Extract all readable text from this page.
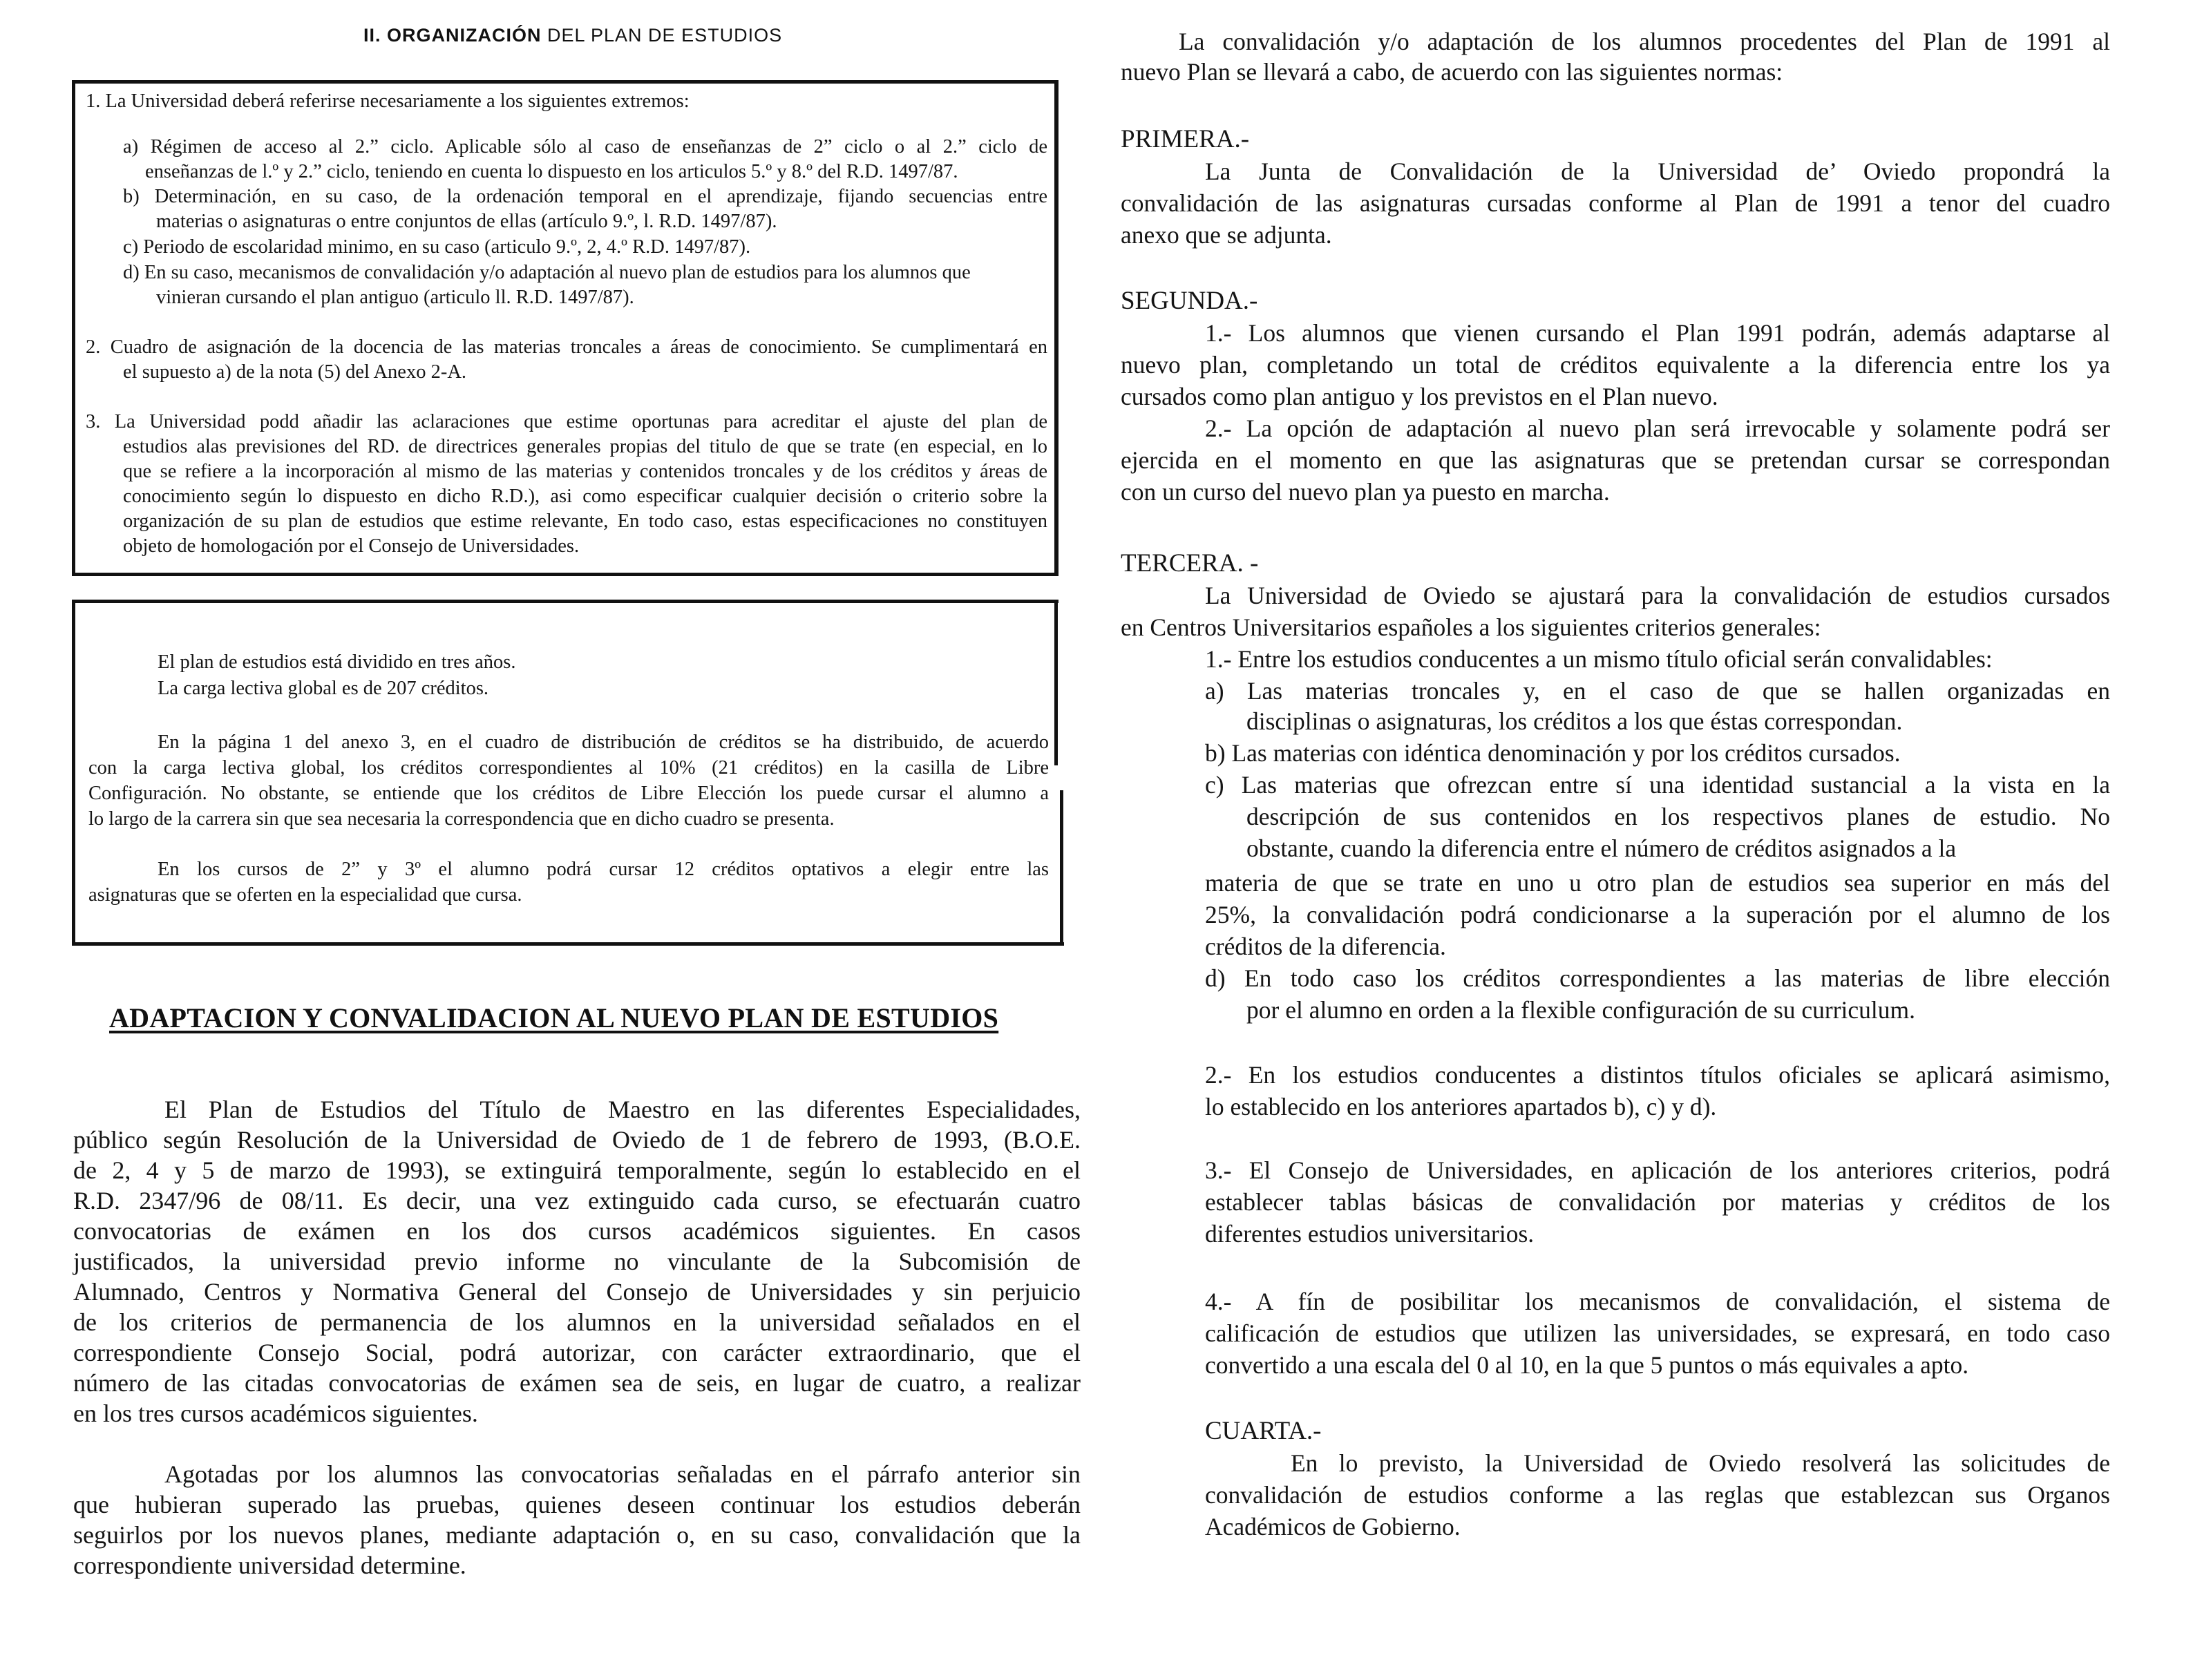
II. ORGANIZACIÓN DEL PLAN DE ESTUDIOS
1. La Universidad deberá referirse necesariamente a los siguientes extremos:
a) Régimen de acceso al 2.” ciclo. Aplicable sólo al caso de enseñanzas de 2” ciclo o al 2.” ciclo de
enseñanzas de l.º y 2.” ciclo, teniendo en cuenta lo dispuesto en los articulos 5.º y 8.º del R.D. 1497/87.
b) Determinación, en su caso, de la ordenación temporal en el aprendizaje, fijando secuencias entre
materias o asignaturas o entre conjuntos de ellas (artículo 9.º, l. R.D. 1497/87).
c) Periodo de escolaridad minimo, en su caso (articulo 9.º, 2, 4.º R.D. 1497/87).
d) En su caso, mecanismos de convalidación y/o adaptación al nuevo plan de estudios para los alumnos que
vinieran cursando el plan antiguo (articulo ll. R.D. 1497/87).
2. Cuadro de asignación de la docencia de las materias troncales a áreas de conocimiento. Se cumplimentará en
el supuesto a) de la nota (5) del Anexo 2-A.
3. La Universidad podd añadir las aclaraciones que estime oportunas para acreditar el ajuste del plan de
estudios alas previsiones del RD. de directrices generales propias del titulo de que se trate (en especial, en lo
que se refiere a la incorporación al mismo de las materias y contenidos troncales y de los créditos y áreas de
conocimiento según lo dispuesto en dicho R.D.), asi como especificar cualquier decisión o criterio sobre la
organización de su plan de estudios que estime relevante, En todo caso, estas especificaciones no constituyen
objeto de homologación por el Consejo de Universidades.
El plan de estudios está dividido en tres años.
La carga lectiva global es de 207 créditos.
En la página 1 del anexo 3, en el cuadro de distribución de créditos se ha distribuido, de acuerdo
con la carga lectiva global, los créditos correspondientes al 10% (21 créditos) en la casilla de Libre
Configuración. No obstante, se entiende que los créditos de Libre Elección los puede cursar el alumno a
lo largo de la carrera sin que sea necesaria la correspondencia que en dicho cuadro se presenta.
En los cursos de 2” y 3º el alumno podrá cursar 12 créditos optativos a elegir entre las
asignaturas que se oferten en la especialidad que cursa.
ADAPTACION Y CONVALIDACION AL NUEVO PLAN DE ESTUDIOS
El Plan de Estudios del Título de Maestro en las diferentes Especialidades,
público según Resolución de la Universidad de Oviedo de 1 de febrero de 1993, (B.O.E.
de 2, 4 y 5 de marzo de 1993), se extinguirá temporalmente, según lo establecido en el
R.D. 2347/96 de 08/11. Es decir, una vez extinguido cada curso, se efectuarán cuatro
convocatorias de exámen en los dos cursos académicos siguientes. En casos
justificados, la universidad previo informe no vinculante de la Subcomisión de
Alumnado, Centros y Normativa General del Consejo de Universidades y sin perjuicio
de los criterios de permanencia de los alumnos en la universidad señalados en el
correspondiente Consejo Social, podrá autorizar, con carácter extraordinario, que el
número de las citadas convocatorias de exámen sea de seis, en lugar de cuatro, a realizar
en los tres cursos académicos siguientes.
Agotadas por los alumnos las convocatorias señaladas en el párrafo anterior sin
que hubieran superado las pruebas, quienes deseen continuar los estudios deberán
seguirlos por los nuevos planes, mediante adaptación o, en su caso, convalidación que la
correspondiente universidad determine.
La convalidación y/o adaptación de los alumnos procedentes del Plan de 1991 al
nuevo Plan se llevará a cabo, de acuerdo con las siguientes normas:
PRIMERA.-
La Junta de Convalidación de la Universidad de’ Oviedo propondrá la
convalidación de las asignaturas cursadas conforme al Plan de 1991 a tenor del cuadro
anexo que se adjunta.
SEGUNDA.-
1.- Los alumnos que vienen cursando el Plan 1991 podrán, además adaptarse al
nuevo plan, completando un total de créditos equivalente a la diferencia entre los ya
cursados como plan antiguo y los previstos en el Plan nuevo.
2.- La opción de adaptación al nuevo plan será irrevocable y solamente podrá ser
ejercida en el momento en que las asignaturas que se pretendan cursar se correspondan
con un curso del nuevo plan ya puesto en marcha.
TERCERA. -
La Universidad de Oviedo se ajustará para la convalidación de estudios cursados
en Centros Universitarios españoles a los siguientes criterios generales:
1.- Entre los estudios conducentes a un mismo título oficial serán convalidables:
a) Las materias troncales y, en el caso de que se hallen organizadas en
disciplinas o asignaturas, los créditos a los que éstas correspondan.
b) Las materias con idéntica denominación y por los créditos cursados.
c) Las materias que ofrezcan entre sí una identidad sustancial a la vista en la
descripción de sus contenidos en los respectivos planes de estudio. No
obstante, cuando la diferencia entre el número de créditos asignados a la
materia de que se trate en uno u otro plan de estudios sea superior en más del
25%, la convalidación podrá condicionarse a la superación por el alumno de los
créditos de la diferencia.
d) En todo caso los créditos correspondientes a las materias de libre elección
por el alumno en orden a la flexible configuración de su curriculum.
2.- En los estudios conducentes a distintos títulos oficiales se aplicará asimismo,
lo establecido en los anteriores apartados b), c) y d).
3.- El Consejo de Universidades, en aplicación de los anteriores criterios, podrá
establecer tablas básicas de convalidación por materias y créditos de los
diferentes estudios universitarios.
4.- A fín de posibilitar los mecanismos de convalidación, el sistema de
calificación de estudios que utilizen las universidades, se expresará, en todo caso
convertido a una escala del 0 al 10, en la que 5 puntos o más equivales a apto.
CUARTA.-
En lo previsto, la Universidad de Oviedo resolverá las solicitudes de
convalidación de estudios conforme a las reglas que establezcan sus Organos
Académicos de Gobierno.
